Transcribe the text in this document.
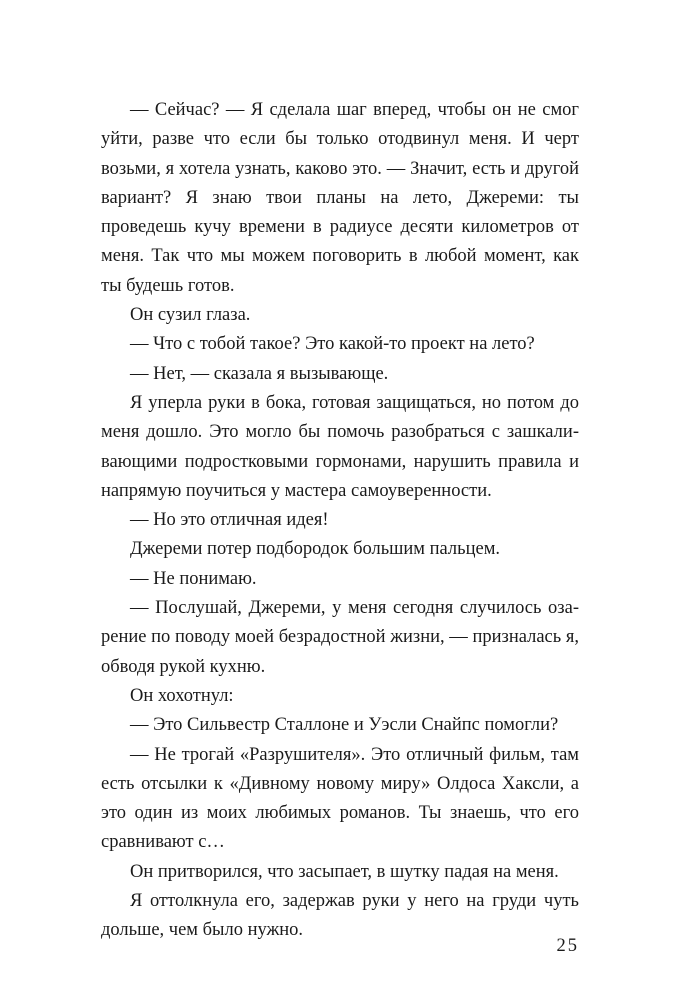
— Сейчас? — Я сделала шаг вперед, чтобы он не смог уйти, разве что если бы только отодвинул меня. И черт возьми, я хотела узнать, каково это. — Значит, есть и другой вариант? Я знаю твои планы на лето, Джереми: ты проведешь кучу времени в радиусе десяти километров от меня. Так что мы можем поговорить в любой момент, как ты будешь готов.

Он сузил глаза.

— Что с тобой такое? Это какой-то проект на лето?

— Нет, — сказала я вызывающе.

Я уперла руки в бока, готовая защищаться, но потом до меня дошло. Это могло бы помочь разобраться с зашкаливающими подростковыми гормонами, нарушить правила и напрямую поучиться у мастера самоуверенности.

— Но это отличная идея!

Джереми потер подбородок большим пальцем.

— Не понимаю.

— Послушай, Джереми, у меня сегодня случилось озарение по поводу моей безрадостной жизни, — призналась я, обводя рукой кухню.

Он хохотнул:

— Это Сильвестр Сталлоне и Уэсли Снайпс помогли?

— Не трогай «Разрушителя». Это отличный фильм, там есть отсылки к «Дивному новому миру» Олдоса Хаксли, а это один из моих любимых романов. Ты знаешь, что его сравнивают с…

Он притворился, что засыпает, в шутку падая на меня.

Я оттолкнула его, задержав руки у него на груди чуть дольше, чем было нужно.

25
